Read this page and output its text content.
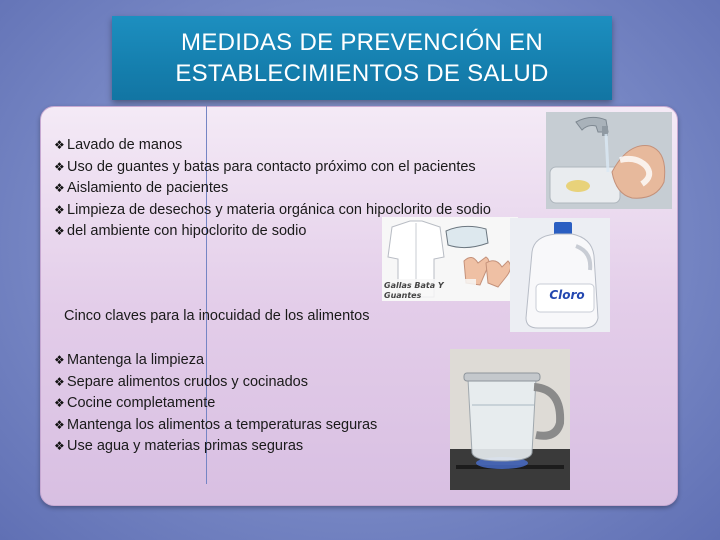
MEDIDAS DE PREVENCIÓN EN
ESTABLECIMIENTOS DE SALUD
Gallas Bata Y Guantes	Cloro
❖ Lavado de manos
❖ Uso de guantes y batas para contacto próximo con el pacientes
❖ Aislamiento de pacientes
❖ Limpieza de desechos y materia orgánica con hipoclorito de sodio
❖ del ambiente con hipoclorito de sodio
Cinco claves para la inocuidad de los alimentos
❖ Mantenga la limpieza
❖ Separe alimentos crudos y cocinados
❖ Cocine completamente
❖ Mantenga los alimentos a temperaturas seguras
❖ Use agua y materias primas seguras
